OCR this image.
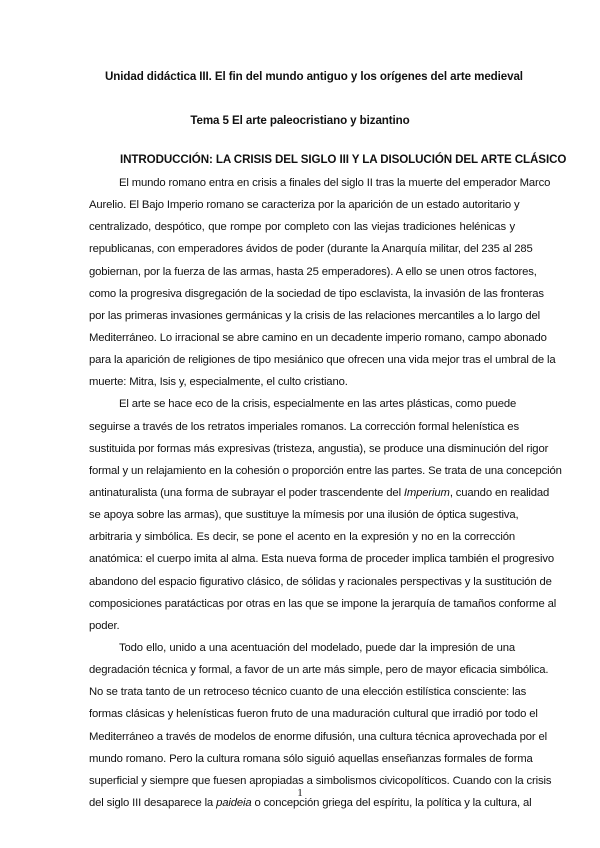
Unidad didáctica III. El fin del mundo antiguo y los orígenes del arte medieval
Tema 5 El arte paleocristiano y bizantino
INTRODUCCIÓN: LA CRISIS DEL SIGLO III Y LA DISOLUCIÓN DEL ARTE CLÁSICO
El mundo romano entra en crisis a finales del siglo II tras la muerte del emperador Marco
Aurelio. El Bajo Imperio romano se caracteriza por la aparición de un estado autoritario y
centralizado, despótico, que rompe por completo con las viejas tradiciones helénicas y
republicanas, con emperadores ávidos de poder (durante la Anarquía militar, del 235 al 285
gobiernan, por la fuerza de las armas, hasta 25 emperadores). A ello se unen otros factores,
como la progresiva disgregación de la sociedad de tipo esclavista, la invasión de las fronteras
por las primeras invasiones germánicas y la crisis de las relaciones mercantiles a lo largo del
Mediterráneo. Lo irracional se abre camino en un decadente imperio romano, campo abonado
para la aparición de religiones de tipo mesiánico que ofrecen una vida mejor tras el umbral de la
muerte: Mitra, Isis y, especialmente, el culto cristiano.
El arte se hace eco de la crisis, especialmente en las artes plásticas, como puede
seguirse a través de los retratos imperiales romanos. La corrección formal helenística es
sustituida por formas más expresivas (tristeza, angustia), se produce una disminución del rigor
formal y un relajamiento en la cohesión o proporción entre las partes. Se trata de una concepción
antinaturalista (una forma de subrayar el poder trascendente del Imperium, cuando en realidad
se apoya sobre las armas), que sustituye la mímesis por una ilusión de óptica sugestiva,
arbitraria y simbólica. Es decir, se pone el acento en la expresión y no en la corrección
anatómica: el cuerpo imita al alma. Esta nueva forma de proceder implica también el progresivo
abandono del espacio figurativo clásico, de sólidas y racionales perspectivas y la sustitución de
composiciones paratácticas por otras en las que se impone la jerarquía de tamaños conforme al
poder.
Todo ello, unido a una acentuación del modelado, puede dar la impresión de una
degradación técnica y formal, a favor de un arte más simple, pero de mayor eficacia simbólica.
No se trata tanto de un retroceso técnico cuanto de una elección estilística consciente: las
formas clásicas y helenísticas fueron fruto de una maduración cultural que irradió por todo el
Mediterráneo a través de modelos de enorme difusión, una cultura técnica aprovechada por el
mundo romano. Pero la cultura romana sólo siguió aquellas enseñanzas formales de forma
superficial y siempre que fuesen apropiadas a simbolismos civicopolíticos. Cuando con la crisis
del siglo III desaparece la paideia o concepción griega del espíritu, la política y la cultura, al
1
